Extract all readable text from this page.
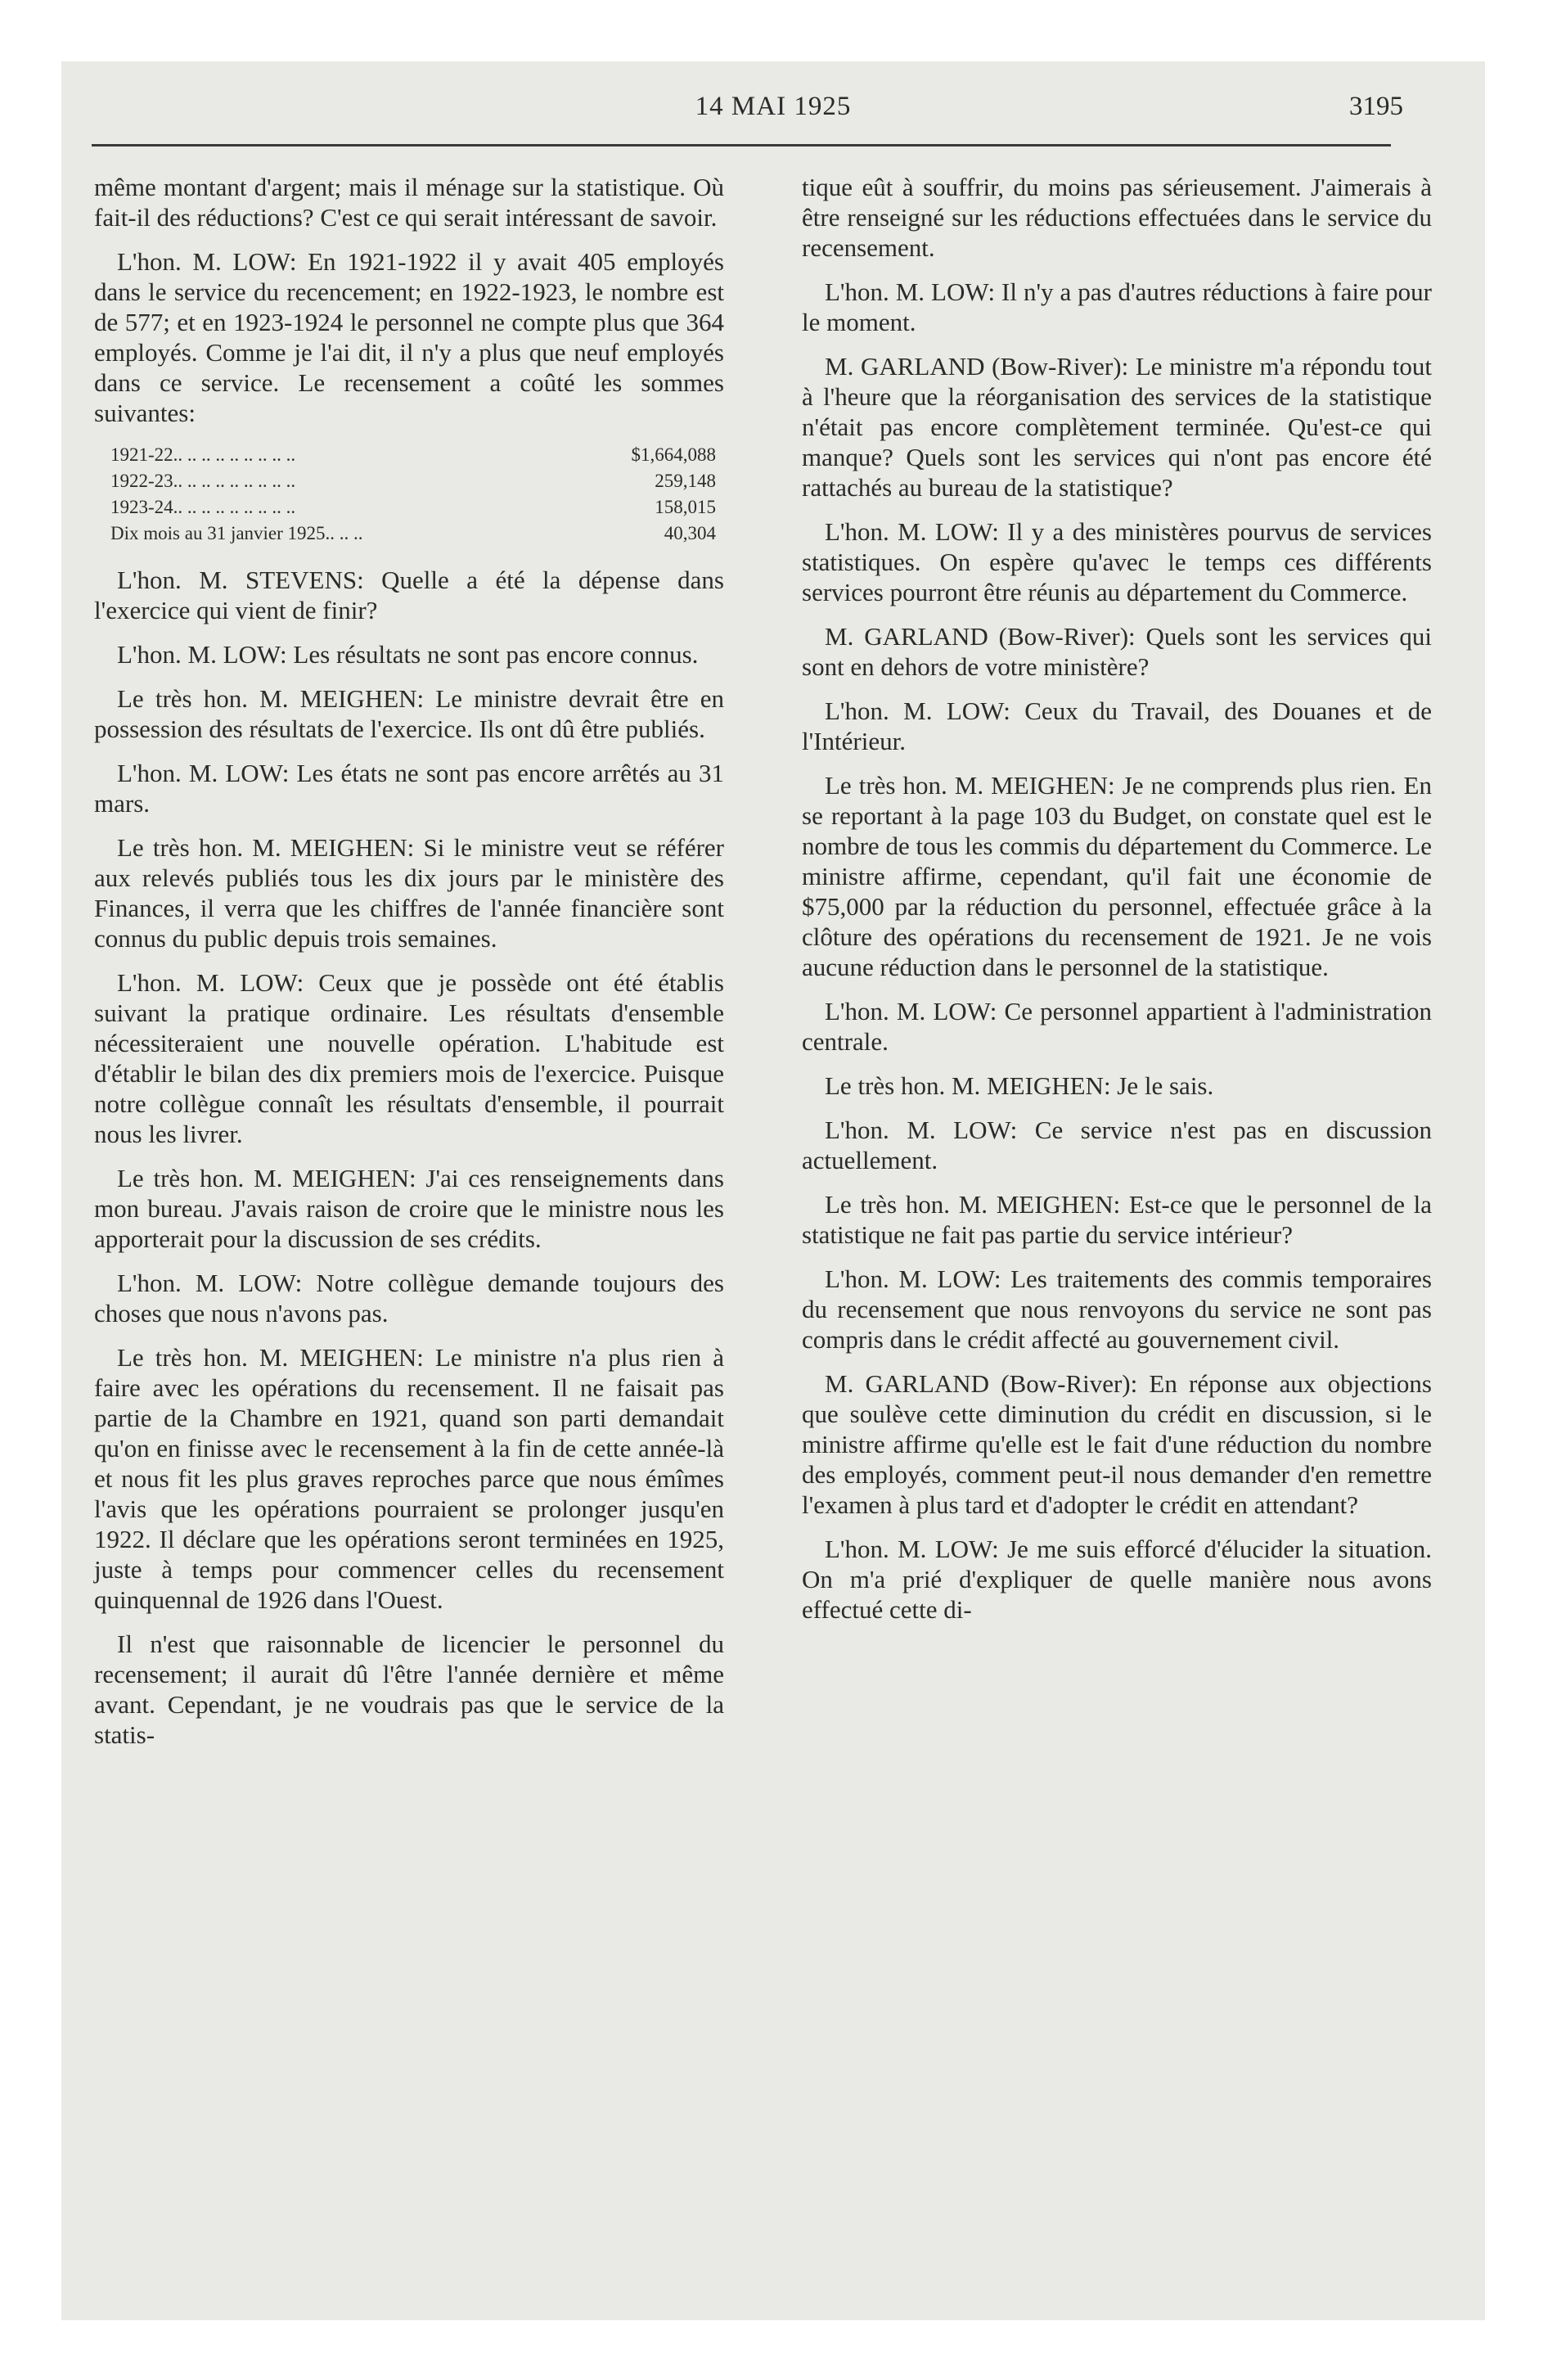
14 MAI 1925	3195

même montant d'argent; mais il ménage sur la statistique. Où fait-il des réductions? C'est ce qui serait intéressant de savoir.

L'hon. M. LOW: En 1921-1922 il y avait 405 employés dans le service du recencement; en 1922-1923, le nombre est de 577; et en 1923-1924 le personnel ne compte plus que 364 employés. Comme je l'ai dit, il n'y a plus que neuf employés dans ce service. Le recensement a coûté les sommes suivantes:

1921-22.. .. .. .. .. .. .. .. ..	$1,664,088
1922-23.. .. .. .. .. .. .. .. ..	259,148
1923-24.. .. .. .. .. .. .. .. ..	158,015
Dix mois au 31 janvier 1925.. .. ..	40,304

L'hon. M. STEVENS: Quelle a été la dépense dans l'exercice qui vient de finir?

L'hon. M. LOW: Les résultats ne sont pas encore connus.

Le très hon. M. MEIGHEN: Le ministre devrait être en possession des résultats de l'exercice. Ils ont dû être publiés.

L'hon. M. LOW: Les états ne sont pas encore arrêtés au 31 mars.

Le très hon. M. MEIGHEN: Si le ministre veut se référer aux relevés publiés tous les dix jours par le ministère des Finances, il verra que les chiffres de l'année financière sont connus du public depuis trois semaines.

L'hon. M. LOW: Ceux que je possède ont été établis suivant la pratique ordinaire. Les résultats d'ensemble nécessiteraient une nouvelle opération. L'habitude est d'établir le bilan des dix premiers mois de l'exercice. Puisque notre collègue connaît les résultats d'ensemble, il pourrait nous les livrer.

Le très hon. M. MEIGHEN: J'ai ces renseignements dans mon bureau. J'avais raison de croire que le ministre nous les apporterait pour la discussion de ses crédits.

L'hon. M. LOW: Notre collègue demande toujours des choses que nous n'avons pas.

Le très hon. M. MEIGHEN: Le ministre n'a plus rien à faire avec les opérations du recensement. Il ne faisait pas partie de la Chambre en 1921, quand son parti demandait qu'on en finisse avec le recensement à la fin de cette année-là et nous fit les plus graves reproches parce que nous émîmes l'avis que les opérations pourraient se prolonger jusqu'en 1922. Il déclare que les opérations seront terminées en 1925, juste à temps pour commencer celles du recensement quinquennal de 1926 dans l'Ouest.

Il n'est que raisonnable de licencier le personnel du recensement; il aurait dû l'être l'année dernière et même avant. Cependant, je ne voudrais pas que le service de la statis-

tique eût à souffrir, du moins pas sérieusement. J'aimerais à être renseigné sur les réductions effectuées dans le service du recensement.

L'hon. M. LOW: Il n'y a pas d'autres réductions à faire pour le moment.

M. GARLAND (Bow-River): Le ministre m'a répondu tout à l'heure que la réorganisation des services de la statistique n'était pas encore complètement terminée. Qu'est-ce qui manque? Quels sont les services qui n'ont pas encore été rattachés au bureau de la statistique?

L'hon. M. LOW: Il y a des ministères pourvus de services statistiques. On espère qu'avec le temps ces différents services pourront être réunis au département du Commerce.

M. GARLAND (Bow-River): Quels sont les services qui sont en dehors de votre ministère?

L'hon. M. LOW: Ceux du Travail, des Douanes et de l'Intérieur.

Le très hon. M. MEIGHEN: Je ne comprends plus rien. En se reportant à la page 103 du Budget, on constate quel est le nombre de tous les commis du département du Commerce. Le ministre affirme, cependant, qu'il fait une économie de $75,000 par la réduction du personnel, effectuée grâce à la clôture des opérations du recensement de 1921. Je ne vois aucune réduction dans le personnel de la statistique.

L'hon. M. LOW: Ce personnel appartient à l'administration centrale.

Le très hon. M. MEIGHEN: Je le sais.

L'hon. M. LOW: Ce service n'est pas en discussion actuellement.

Le très hon. M. MEIGHEN: Est-ce que le personnel de la statistique ne fait pas partie du service intérieur?

L'hon. M. LOW: Les traitements des commis temporaires du recensement que nous renvoyons du service ne sont pas compris dans le crédit affecté au gouvernement civil.

M. GARLAND (Bow-River): En réponse aux objections que soulève cette diminution du crédit en discussion, si le ministre affirme qu'elle est le fait d'une réduction du nombre des employés, comment peut-il nous demander d'en remettre l'examen à plus tard et d'adopter le crédit en attendant?

L'hon. M. LOW: Je me suis efforcé d'élucider la situation. On m'a prié d'expliquer de quelle manière nous avons effectué cette di-
